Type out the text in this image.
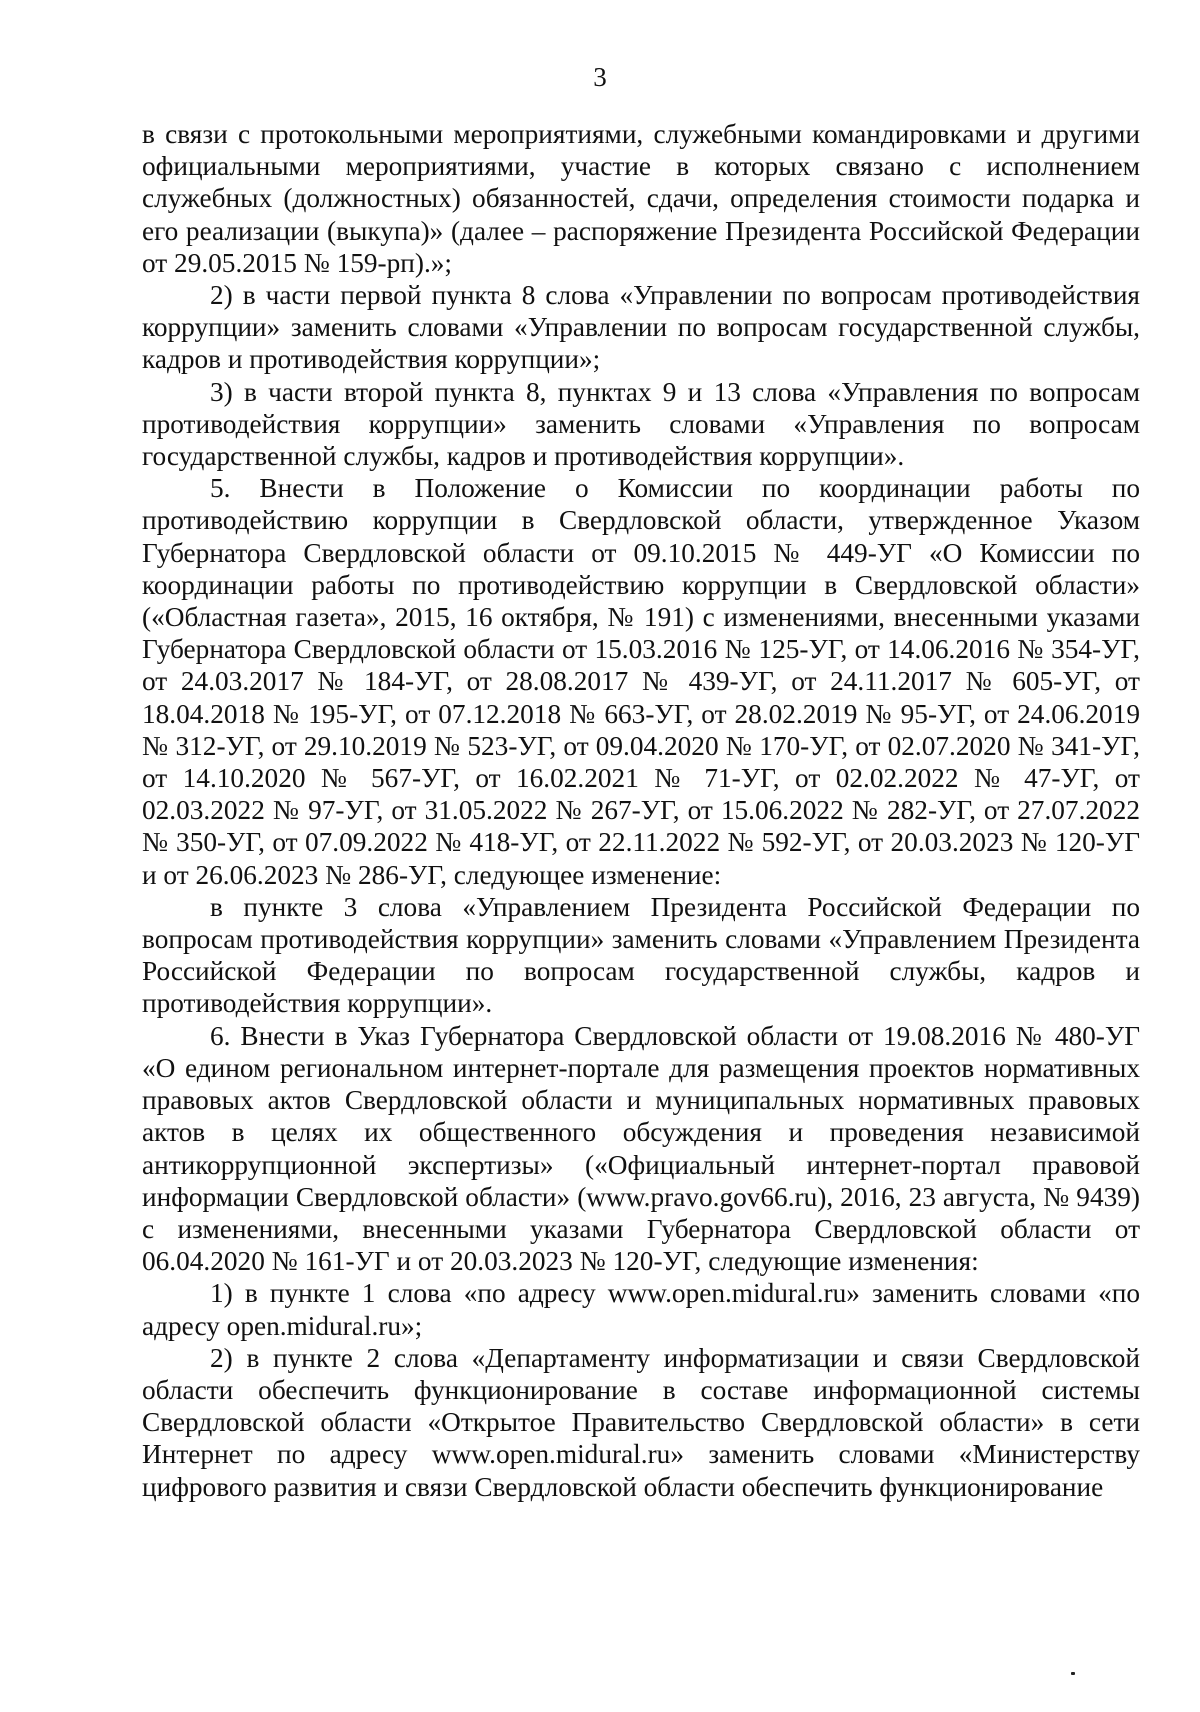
3

в связи с протокольными мероприятиями, служебными командировками и другими официальными мероприятиями, участие в которых связано с исполнением служебных (должностных) обязанностей, сдачи, определения стоимости подарка и его реализации (выкупа)» (далее – распоряжение Президента Российской Федерации от 29.05.2015 № 159-рп).»;

2) в части первой пункта 8 слова «Управлении по вопросам противодействия коррупции» заменить словами «Управлении по вопросам государственной службы, кадров и противодействия коррупции»;

3) в части второй пункта 8, пунктах 9 и 13 слова «Управления по вопросам противодействия коррупции» заменить словами «Управления по вопросам государственной службы, кадров и противодействия коррупции».

5. Внести в Положение о Комиссии по координации работы по противодействию коррупции в Свердловской области, утвержденное Указом Губернатора Свердловской области от 09.10.2015 № 449-УГ «О Комиссии по координации работы по противодействию коррупции в Свердловской области» («Областная газета», 2015, 16 октября, № 191) с изменениями, внесенными указами Губернатора Свердловской области от 15.03.2016 № 125-УГ, от 14.06.2016 № 354-УГ, от 24.03.2017 № 184-УГ, от 28.08.2017 № 439-УГ, от 24.11.2017 № 605-УГ, от 18.04.2018 № 195-УГ, от 07.12.2018 № 663-УГ, от 28.02.2019 № 95-УГ, от 24.06.2019 № 312-УГ, от 29.10.2019 № 523-УГ, от 09.04.2020 № 170-УГ, от 02.07.2020 № 341-УГ, от 14.10.2020 № 567-УГ, от 16.02.2021 № 71-УГ, от 02.02.2022 № 47-УГ, от 02.03.2022 № 97-УГ, от 31.05.2022 № 267-УГ, от 15.06.2022 № 282-УГ, от 27.07.2022 № 350-УГ, от 07.09.2022 № 418-УГ, от 22.11.2022 № 592-УГ, от 20.03.2023 № 120-УГ и от 26.06.2023 № 286-УГ, следующее изменение:

в пункте 3 слова «Управлением Президента Российской Федерации по вопросам противодействия коррупции» заменить словами «Управлением Президента Российской Федерации по вопросам государственной службы, кадров и противодействия коррупции».

6. Внести в Указ Губернатора Свердловской области от 19.08.2016 № 480-УГ «О едином региональном интернет-портале для размещения проектов нормативных правовых актов Свердловской области и муниципальных нормативных правовых актов в целях их общественного обсуждения и проведения независимой антикоррупционной экспертизы» («Официальный интернет-портал правовой информации Свердловской области» (www.pravo.gov66.ru), 2016, 23 августа, № 9439) с изменениями, внесенными указами Губернатора Свердловской области от 06.04.2020 № 161-УГ и от 20.03.2023 № 120-УГ, следующие изменения:

1) в пункте 1 слова «по адресу www.open.midural.ru» заменить словами «по адресу open.midural.ru»;

2) в пункте 2 слова «Департаменту информатизации и связи Свердловской области обеспечить функционирование в составе информационной системы Свердловской области «Открытое Правительство Свердловской области» в сети Интернет по адресу www.open.midural.ru» заменить словами «Министерству цифрового развития и связи Свердловской области обеспечить функционирование
